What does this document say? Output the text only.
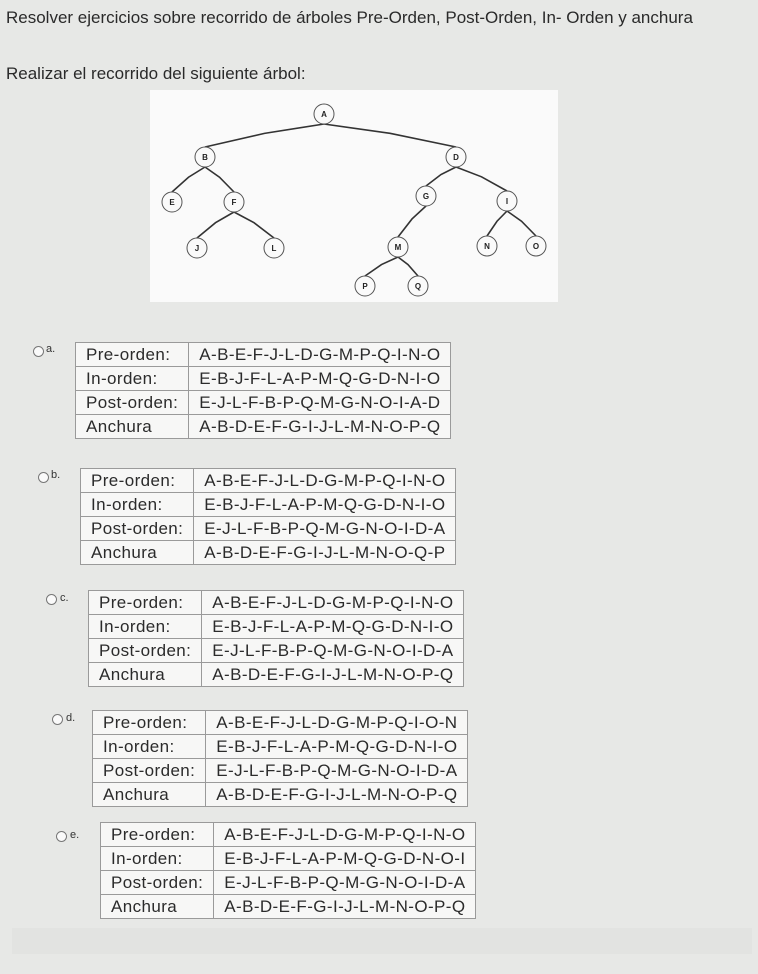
Resolver ejercicios sobre recorrido de árboles Pre-Orden, Post-Orden, In- Orden y anchura
Realizar el recorrido del siguiente árbol:
A
B	D
E	F
G
I
J	L	M	N	O
P	Q
a. Pre-orden:	A-B-E-F-J-L-D-G-M-P-Q-I-N-O
In-orden:	E-B-J-F-L-A-P-M-Q-G-D-N-I-O
Post-orden:	E-J-L-F-B-P-Q-M-G-N-O-I-A-D
Anchura	A-B-D-E-F-G-I-J-L-M-N-O-P-Q
b. Pre-orden:	A-B-E-F-J-L-D-G-M-P-Q-I-N-O
In-orden:	E-B-J-F-L-A-P-M-Q-G-D-N-I-O
Post-orden:	E-J-L-F-B-P-Q-M-G-N-O-I-D-A
Anchura	A-B-D-E-F-G-I-J-L-M-N-O-Q-P
c. Pre-orden:	A-B-E-F-J-L-D-G-M-P-Q-I-N-O
In-orden:	E-B-J-F-L-A-P-M-Q-G-D-N-I-O
Post-orden:	E-J-L-F-B-P-Q-M-G-N-O-I-D-A
Anchura	A-B-D-E-F-G-I-J-L-M-N-O-P-Q
d. Pre-orden:	A-B-E-F-J-L-D-G-M-P-Q-I-O-N
In-orden:	E-B-J-F-L-A-P-M-Q-G-D-N-I-O
Post-orden:	E-J-L-F-B-P-Q-M-G-N-O-I-D-A
Anchura	A-B-D-E-F-G-I-J-L-M-N-O-P-Q
e. Pre-orden:	A-B-E-F-J-L-D-G-M-P-Q-I-N-O
In-orden:	E-B-J-F-L-A-P-M-Q-G-D-N-O-I
Post-orden:	E-J-L-F-B-P-Q-M-G-N-O-I-D-A
Anchura	A-B-D-E-F-G-I-J-L-M-N-O-P-Q
